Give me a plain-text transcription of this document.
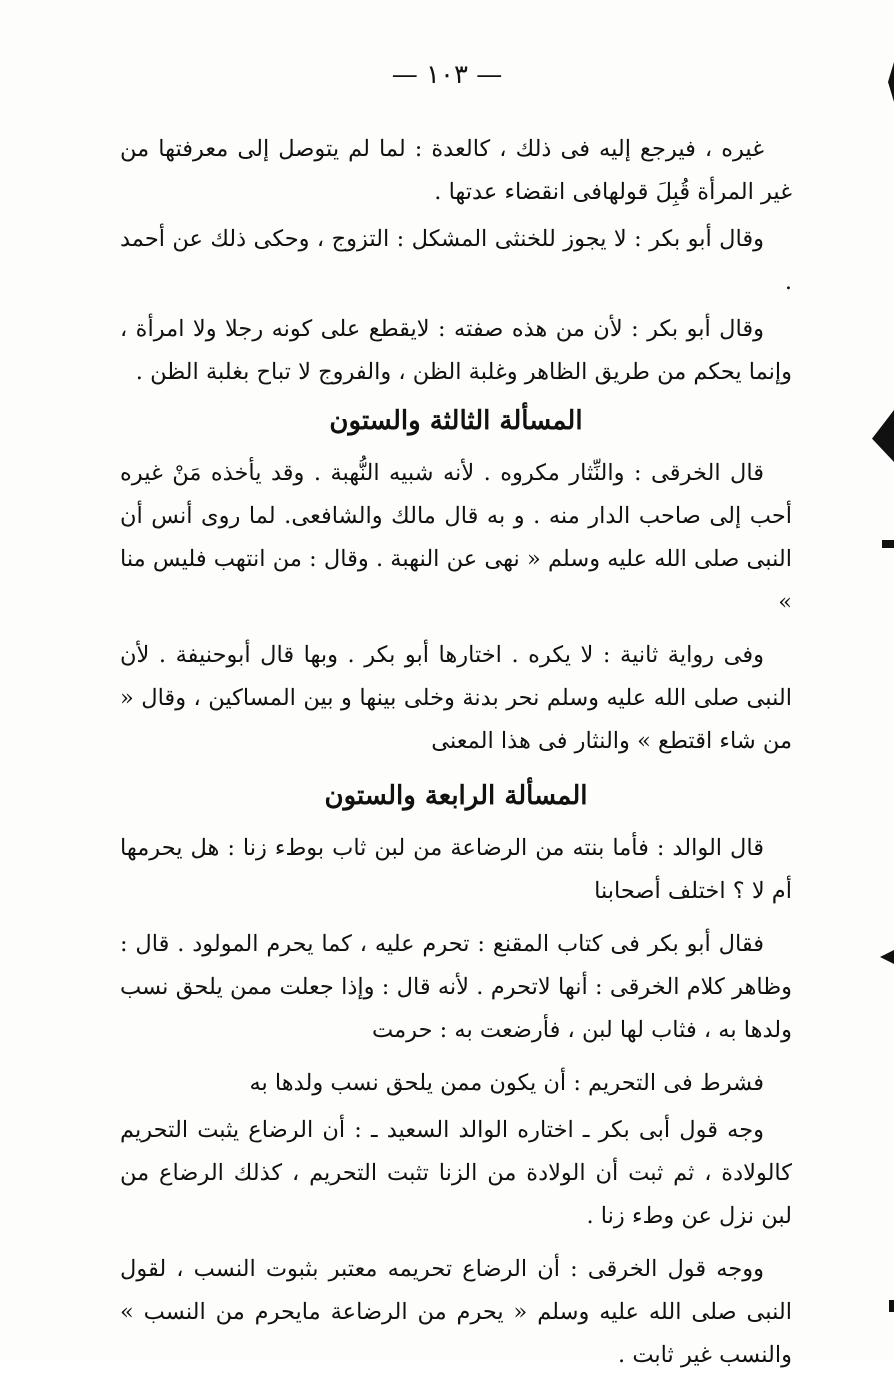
— ١٠٣ —

غيره ، فيرجع إليه فى ذلك ، كالعدة : لما لم يتوصل إلى معرفتها من غير المرأة قُبِلَ قولهافى انقضاء عدتها .

وقال أبو بكر : لا يجوز للخنثى المشكل : التزوج ، وحكى ذلك عن أحمد .

وقال أبو بكر : لأن من هذه صفته : لايقطع على كونه رجلا ولا امرأة ، وإنما يحكم من طريق الظاهر وغلبة الظن ، والفروج لا تباح بغلبة الظن .

المسألة الثالثة والستون

قال الخرقى : والنِّثار مكروه . لأنه شبيه النُّهبة . وقد يأخذه مَنْ غيره أحب إلى صاحب الدار منه . و به قال مالك والشافعى. لما روى أنس أن النبى صلى الله عليه وسلم « نهى عن النهبة . وقال : من انتهب فليس منا »

وفى رواية ثانية : لا يكره . اختارها أبو بكر . وبها قال أبوحنيفة . لأن النبى صلى الله عليه وسلم نحر بدنة وخلى بينها و بين المساكين ، وقال « من شاء اقتطع » والنثار فى هذا المعنى

المسألة الرابعة والستون

قال الوالد : فأما بنته من الرضاعة من لبن ثاب بوطء زنا : هل يحرمها أم لا ؟ اختلف أصحابنا

فقال أبو بكر فى كتاب المقنع : تحرم عليه ، كما يحرم المولود . قال : وظاهر كلام الخرقى : أنها لاتحرم . لأنه قال : وإذا جعلت ممن يلحق نسب ولدها به ، فثاب لها لبن ، فأرضعت به : حرمت

فشرط فى التحريم : أن يكون ممن يلحق نسب ولدها به

وجه قول أبى بكر ـ اختاره الوالد السعيد ـ : أن الرضاع يثبت التحريم كالولادة ، ثم ثبت أن الولادة من الزنا تثبت التحريم ، كذلك الرضاع من لبن نزل عن وطء زنا .

ووجه قول الخرقى : أن الرضاع تحريمه معتبر بثبوت النسب ، لقول النبى صلى الله عليه وسلم « يحرم من الرضاعة مايحرم من النسب » والنسب غير ثابت .
